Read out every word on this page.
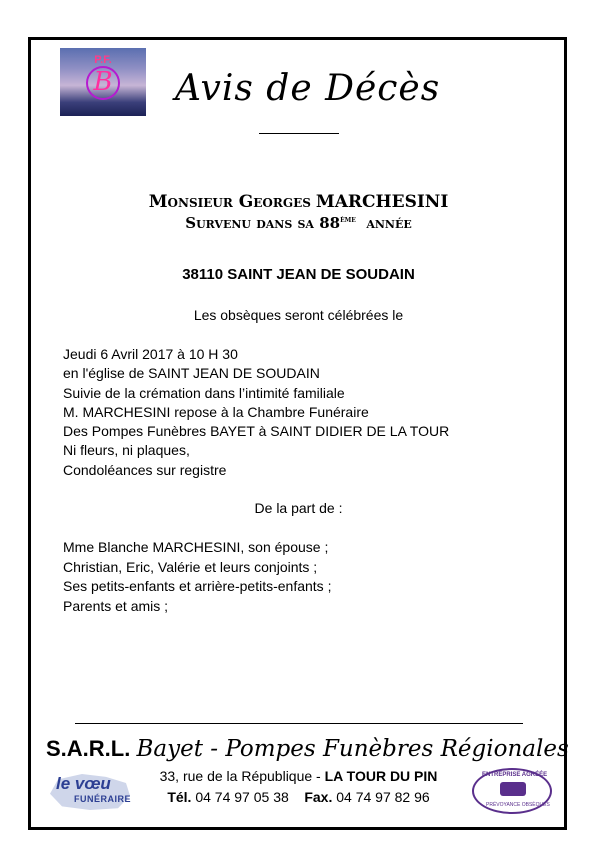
P.F.
B	Avis de Décès
Monsieur Georges MARCHESINI
Survenu dans sa 88ème année
38110 SAINT JEAN DE SOUDAIN
Les obsèques seront célébrées le
Jeudi 6 Avril 2017 à 10 H 30
en l'église de SAINT JEAN DE SOUDAIN
Suivie de la crémation dans l’intimité familiale
M. MARCHESINI repose à la Chambre Funéraire
Des Pompes Funèbres BAYET à SAINT DIDIER DE LA TOUR
Ni fleurs, ni plaques,
Condoléances sur registre
De la part de :
Mme Blanche MARCHESINI, son épouse ;
Christian, Eric, Valérie et leurs conjoints ;
Ses petits-enfants et arrière-petits-enfants ;
Parents et amis ;
S.A.R.L. Bayet - Pompes Funèbres Régionales
le vœu
FUNÉRAIRE
33, rue de la République - LA TOUR DU PIN
Tél. 04 74 97 05 38 Fax. 04 74 97 82 96
ENTREPRISE AGRÉÉE
PRÉVOYANCE OBSÈQUES
